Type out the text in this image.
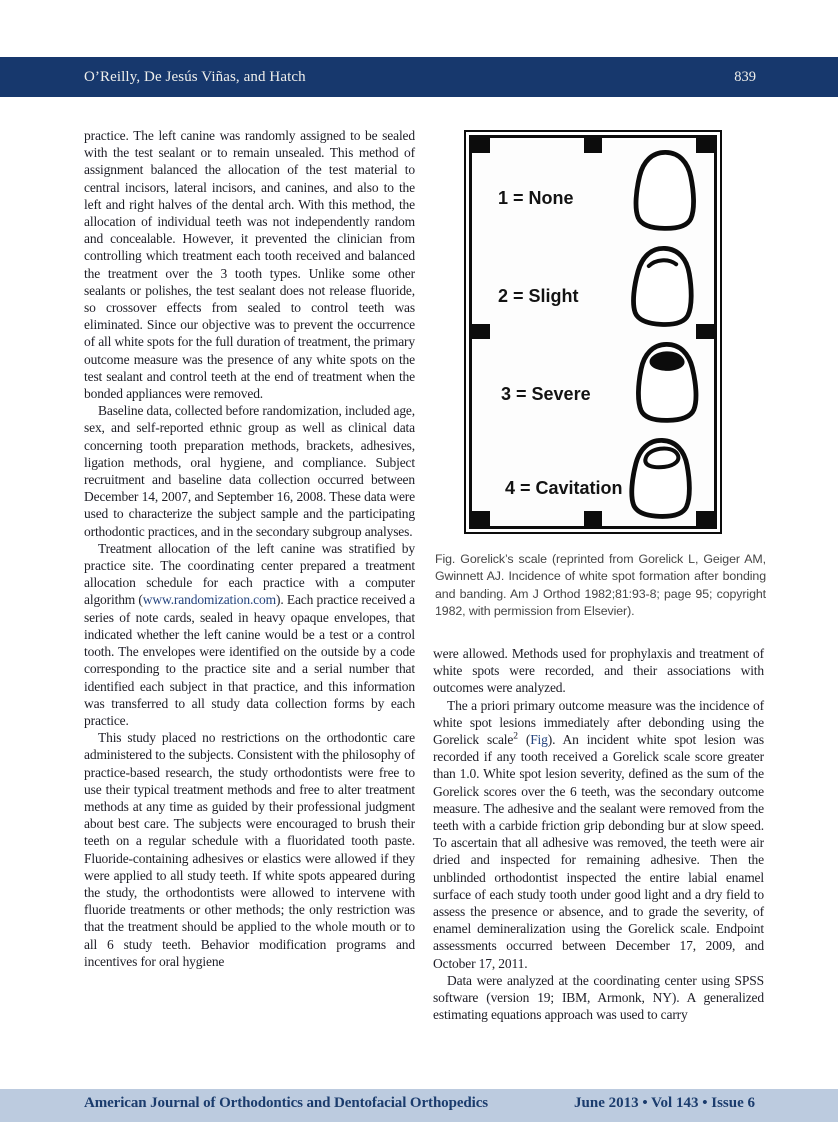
O’Reilly, De Jesús Viñas, and Hatch	839

practice. The left canine was randomly assigned to be sealed with the test sealant or to remain unsealed. This method of assignment balanced the allocation of the test material to central incisors, lateral incisors, and canines, and also to the left and right halves of the dental arch. With this method, the allocation of individual teeth was not independently random and concealable. However, it prevented the clinician from controlling which treatment each tooth received and balanced the treatment over the 3 tooth types. Unlike some other sealants or polishes, the test sealant does not release fluoride, so crossover effects from sealed to control teeth was eliminated. Since our objective was to prevent the occurrence of all white spots for the full duration of treatment, the primary outcome measure was the presence of any white spots on the test sealant and control teeth at the end of treatment when the bonded appliances were removed.

Baseline data, collected before randomization, included age, sex, and self-reported ethnic group as well as clinical data concerning tooth preparation methods, brackets, adhesives, ligation methods, oral hygiene, and compliance. Subject recruitment and baseline data collection occurred between December 14, 2007, and September 16, 2008. These data were used to characterize the subject sample and the participating orthodontic practices, and in the secondary subgroup analyses.

Treatment allocation of the left canine was stratified by practice site. The coordinating center prepared a treatment allocation schedule for each practice with a computer algorithm (www.randomization.com). Each practice received a series of note cards, sealed in heavy opaque envelopes, that indicated whether the left canine would be a test or a control tooth. The envelopes were identified on the outside by a code corresponding to the practice site and a serial number that identified each subject in that practice, and this information was transferred to all study data collection forms by each practice.

This study placed no restrictions on the orthodontic care administered to the subjects. Consistent with the philosophy of practice-based research, the study orthodontists were free to use their typical treatment methods and free to alter treatment methods at any time as guided by their professional judgment about best care. The subjects were encouraged to brush their teeth on a regular schedule with a fluoridated tooth paste. Fluoride-containing adhesives or elastics were allowed if they were applied to all study teeth. If white spots appeared during the study, the orthodontists were allowed to intervene with fluoride treatments or other methods; the only restriction was that the treatment should be applied to the whole mouth or to all 6 study teeth. Behavior modification programs and incentives for oral hygiene

1 = None
2 = Slight
3 = Severe
4 = Cavitation
Fig. Gorelick’s scale (reprinted from Gorelick L, Geiger AM, Gwinnett AJ. Incidence of white spot formation after bonding and banding. Am J Orthod 1982;81:93-8; page 95; copyright 1982, with permission from Elsevier).

were allowed. Methods used for prophylaxis and treatment of white spots were recorded, and their associations with outcomes were analyzed.

The a priori primary outcome measure was the incidence of white spot lesions immediately after debonding using the Gorelick scale$^2$ (Fig). An incident white spot lesion was recorded if any tooth received a Gorelick scale score greater than 1.0. White spot lesion severity, defined as the sum of the Gorelick scores over the 6 teeth, was the secondary outcome measure. The adhesive and the sealant were removed from the teeth with a carbide friction grip debonding bur at slow speed. To ascertain that all adhesive was removed, the teeth were air dried and inspected for remaining adhesive. Then the unblinded orthodontist inspected the entire labial enamel surface of each study tooth under good light and a dry field to assess the presence or absence, and to grade the severity, of enamel demineralization using the Gorelick scale. Endpoint assessments occurred between December 17, 2009, and October 17, 2011.

Data were analyzed at the coordinating center using SPSS software (version 19; IBM, Armonk, NY). A generalized estimating equations approach was used to carry

American Journal of Orthodontics and Dentofacial Orthopedics	June 2013 • Vol 143 • Issue 6
